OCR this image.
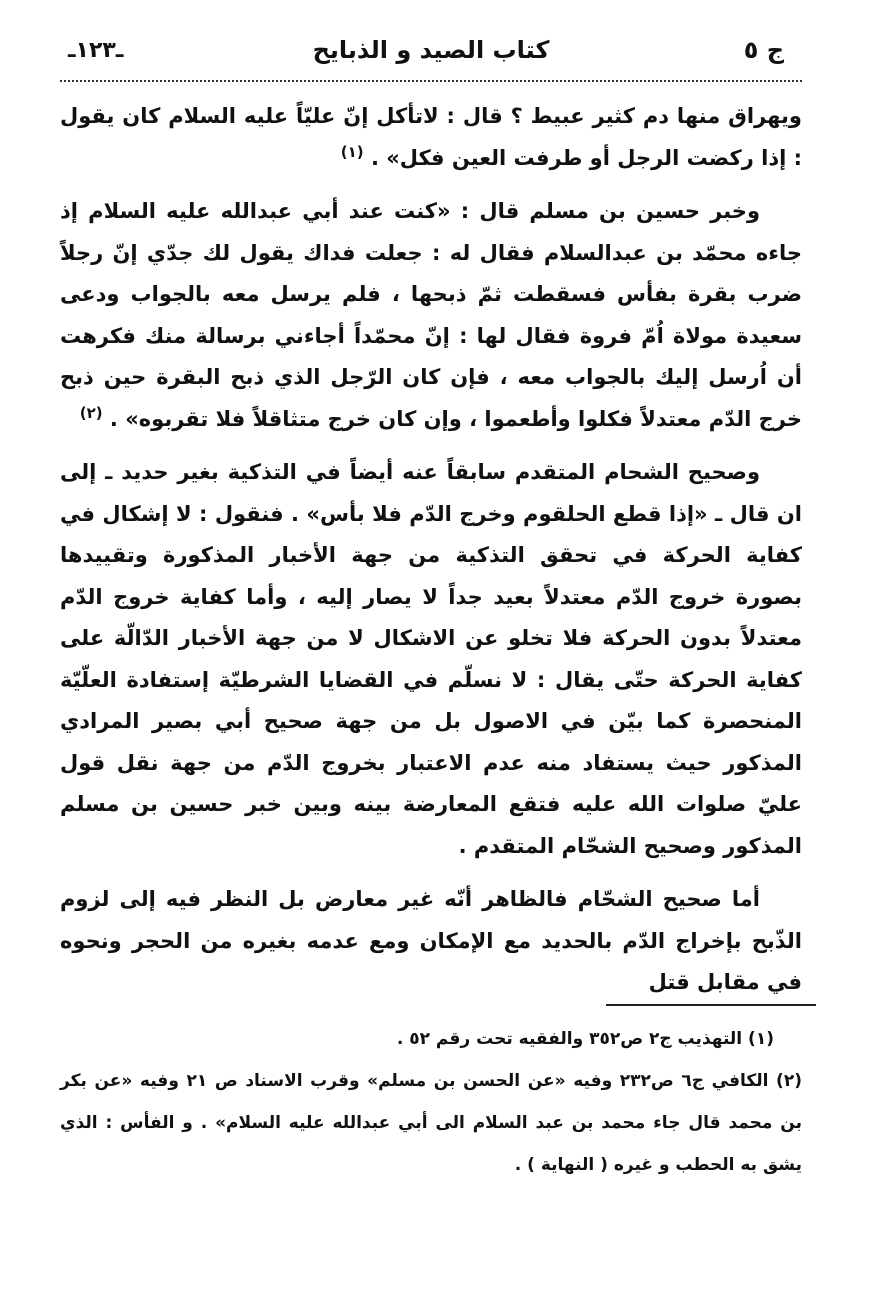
ج ٥
كتاب الصيد و الذبايح
ـ١٢٣ـ

ويهراق منها دم كثير عبيط ؟ قال : لاتأكل إنّ عليّاً عليه السلام كان يقول : إذا ركضت الرجل أو طرفت العين فكل» . $^{(١)}$

وخبر حسين بن مسلم قال : «كنت عند أبي عبدالله عليه السلام إذ جاءه محمّد بن عبدالسلام فقال له : جعلت فداك يقول لك جدّي إنّ رجلاً ضرب بقرة بفأس فسقطت ثمّ ذبحها ، فلم يرسل معه بالجواب ودعى سعيدة مولاة اُمّ فروة فقال لها : إنّ محمّداً أجاءني برسالة منك فكرهت أن اُرسل إليك بالجواب معه ، فإن كان الرّجل الذي ذبح البقرة حين ذبح خرج الدّم معتدلاً فكلوا وأطعموا ، وإن كان خرج متثاقلاً فلا تقربوه» . $^{(٢)}$

وصحيح الشحام المتقدم سابقاً عنه أيضاً في التذكية بغير حديد ـ إلى ان قال ـ «إذا قطع الحلقوم وخرج الدّم فلا بأس» . فنقول : لا إشكال في كفاية الحركة في تحقق التذكية من جهة الأخبار المذكورة وتقييدها بصورة خروج الدّم معتدلاً بعيد جداً لا يصار إليه ، وأما كفاية خروج الدّم معتدلاً بدون الحركة فلا تخلو عن الاشكال لا من جهة الأخبار الدّالّة على كفاية الحركة حتّى يقال : لا نسلّم في القضايا الشرطيّة إستفادة العلّيّة المنحصرة كما بيّن في الاصول بل من جهة صحيح أبي بصير المرادي المذكور حيث يستفاد منه عدم الاعتبار بخروج الدّم من جهة نقل قول عليّ صلوات الله عليه فتقع المعارضة بينه وبين خبر حسين بن مسلم المذكور وصحيح الشحّام المتقدم .

أما صحيح الشحّام فالظاهر أنّه غير معارض بل النظر فيه إلى لزوم الذّبح بإخراج الدّم بالحديد مع الإمكان ومع عدمه بغيره من الحجر ونحوه في مقابل قتل

(١) التهذيب ج٢ ص٣٥٢ والفقيه تحت رقم ٥٢ .

(٢) الكافي ج٦ ص٢٣٢ وفيه «عن الحسن بن مسلم» وقرب الاسناد ص ٢١ وفيه «عن بكر بن محمد قال جاء محمد بن عبد السلام الى أبي عبدالله عليه السلام» . و الفأس : الذي يشق به الحطب و غيره ( النهاية ) .
